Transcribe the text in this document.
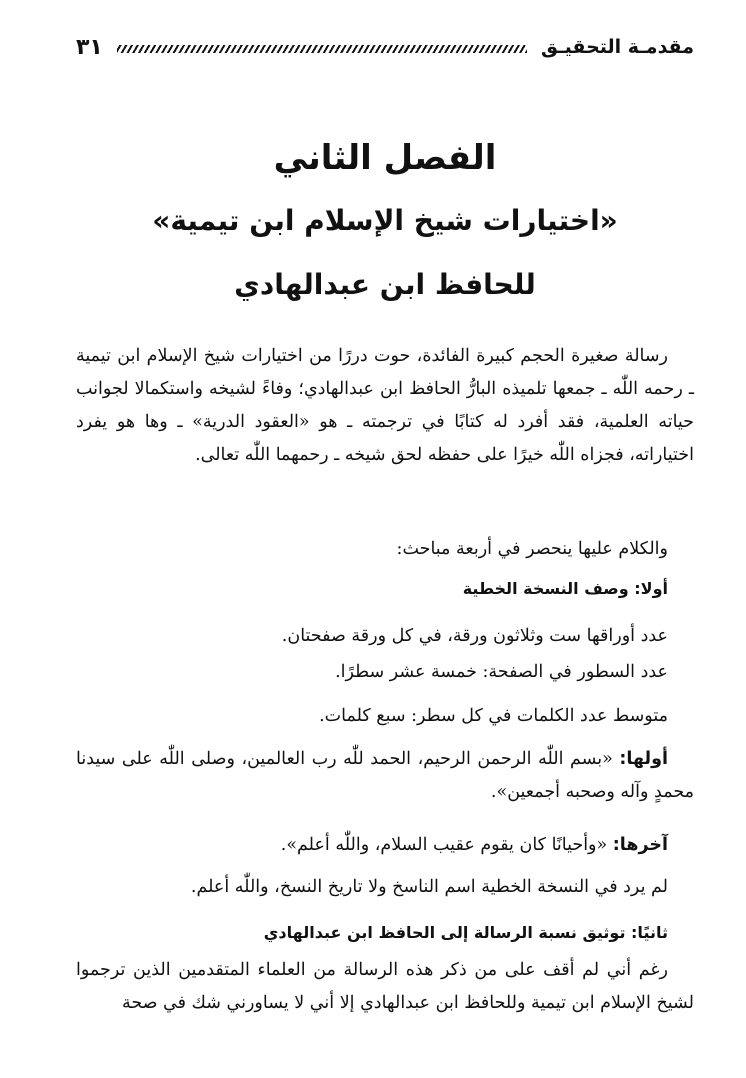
مقدمـة التحقيـق
٣١
الفصل الثاني
«اختيارات شيخ الإسلام ابن تيمية»
للحافظ ابن عبدالهادي

رسالة صغيرة الحجم كبيرة الفائدة، حوت دررًا من اختيارات شيخ الإسلام ابن تيمية ـ رحمه اللّٰه ـ جمعها تلميذه البارُّ الحافظ ابن عبدالهادي؛ وفاءً لشيخه واستكمالا لجوانب حياته العلمية، فقد أفرد له كتابًا في ترجمته ـ هو «العقود الدرية» ـ وها هو يفرد اختياراته، فجزاه اللّٰه خيرًا على حفظه لحق شيخه ـ رحمهما اللّٰه تعالى.

والكلام عليها ينحصر في أربعة مباحث:
أولا: وصف النسخة الخطية
عدد أوراقها ست وثلاثون ورقة، في كل ورقة صفحتان.
عدد السطور في الصفحة: خمسة عشر سطرًا.
متوسط عدد الكلمات في كل سطر: سبع كلمات.

أولها: «بسم اللّٰه الرحمن الرحيم، الحمد للّٰه رب العالمين، وصلى اللّٰه على سيدنا محمدٍ وآله وصحبه أجمعين».

آخرها: «وأحيانًا كان يقوم عقيب السلام، واللّٰه أعلم».
لم يرد في النسخة الخطية اسم الناسخ ولا تاريخ النسخ، واللّٰه أعلم.
ثانيًا: توثيق نسبة الرسالة إلى الحافظ ابن عبدالهادي

رغم أني لم أقف على من ذكر هذه الرسالة من العلماء المتقدمين الذين ترجموا لشيخ الإسلام ابن تيمية وللحافظ ابن عبدالهادي إلا أني لا يساورني شك في صحة
